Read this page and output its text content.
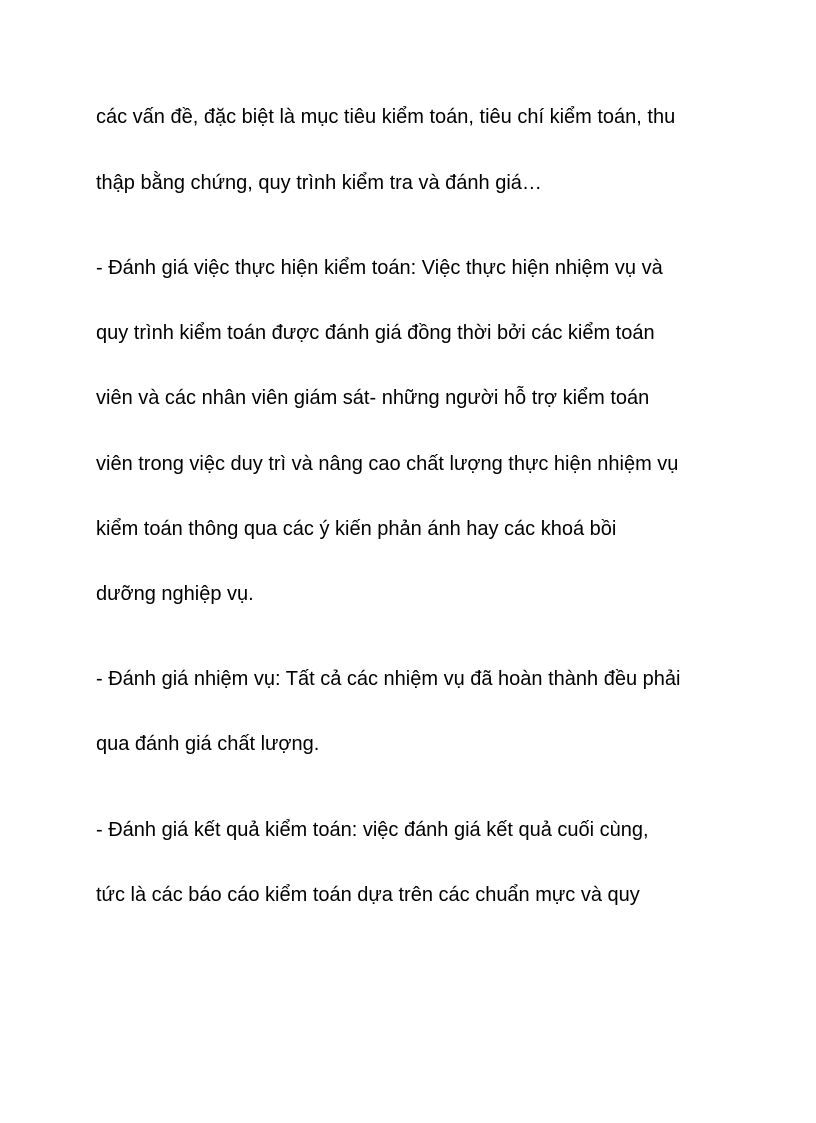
các vấn đề, đặc biệt là mục tiêu kiểm toán, tiêu chí kiểm toán, thu

thập bằng chứng, quy trình kiểm tra và đánh giá…

- Đánh giá việc thực hiện kiểm toán: Việc thực hiện nhiệm vụ và

quy trình kiểm toán được đánh giá đồng thời bởi các kiểm toán

viên và các nhân viên giám sát- những người hỗ trợ kiểm toán

viên trong việc duy trì và nâng cao chất lượng thực hiện nhiệm vụ

kiểm toán thông qua các ý kiến phản ánh hay các khoá bồi

dưỡng nghiệp vụ.

- Đánh giá nhiệm vụ: Tất cả các nhiệm vụ đã hoàn thành đều phải

qua đánh giá chất lượng.

- Đánh giá kết quả kiểm toán: việc đánh giá kết quả cuối cùng,

tức là các báo cáo kiểm toán dựa trên các chuẩn mực và quy
